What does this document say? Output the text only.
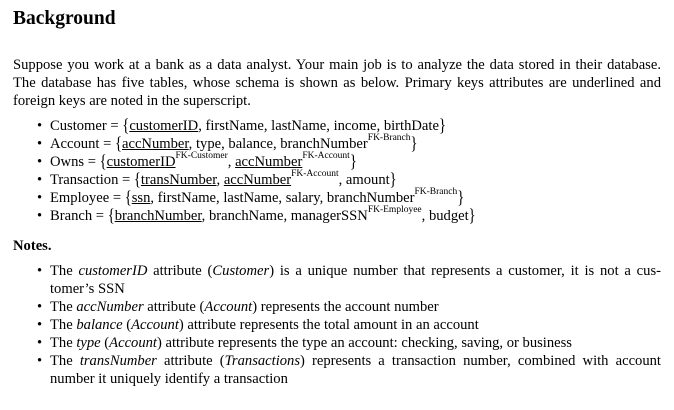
Background

Suppose you work at a bank as a data analyst. Your main job is to analyze the data stored in their database. The database has five tables, whose schema is shown as below. Primary keys attributes are underlined and foreign keys are noted in the superscript.

• Customer = {customerID, firstName, lastName, income, birthDate}
• Account = {accNumber, type, balance, branchNumber$^{FK-Branch}$}
• Owns = {customerID$^{FK-Customer}$, accNumber$^{FK-Account}$}
• Transaction = {transNumber, accNumber$^{FK-Account}$, amount}
• Employee = {ssn, firstName, lastName, salary, branchNumber$^{FK-Branch}$}
• Branch = {branchNumber, branchName, managerSSN$^{FK-Employee}$, budget}

Notes.

• The customerID attribute (Customer) is a unique number that represents a customer, it is not a cus-tomer’s SSN
• The accNumber attribute (Account) represents the account number
• The balance (Account) attribute represents the total amount in an account
• The type (Account) attribute represents the type an account: checking, saving, or business
• The transNumber attribute (Transactions) represents a transaction number, combined with account number it uniquely identify a transaction
